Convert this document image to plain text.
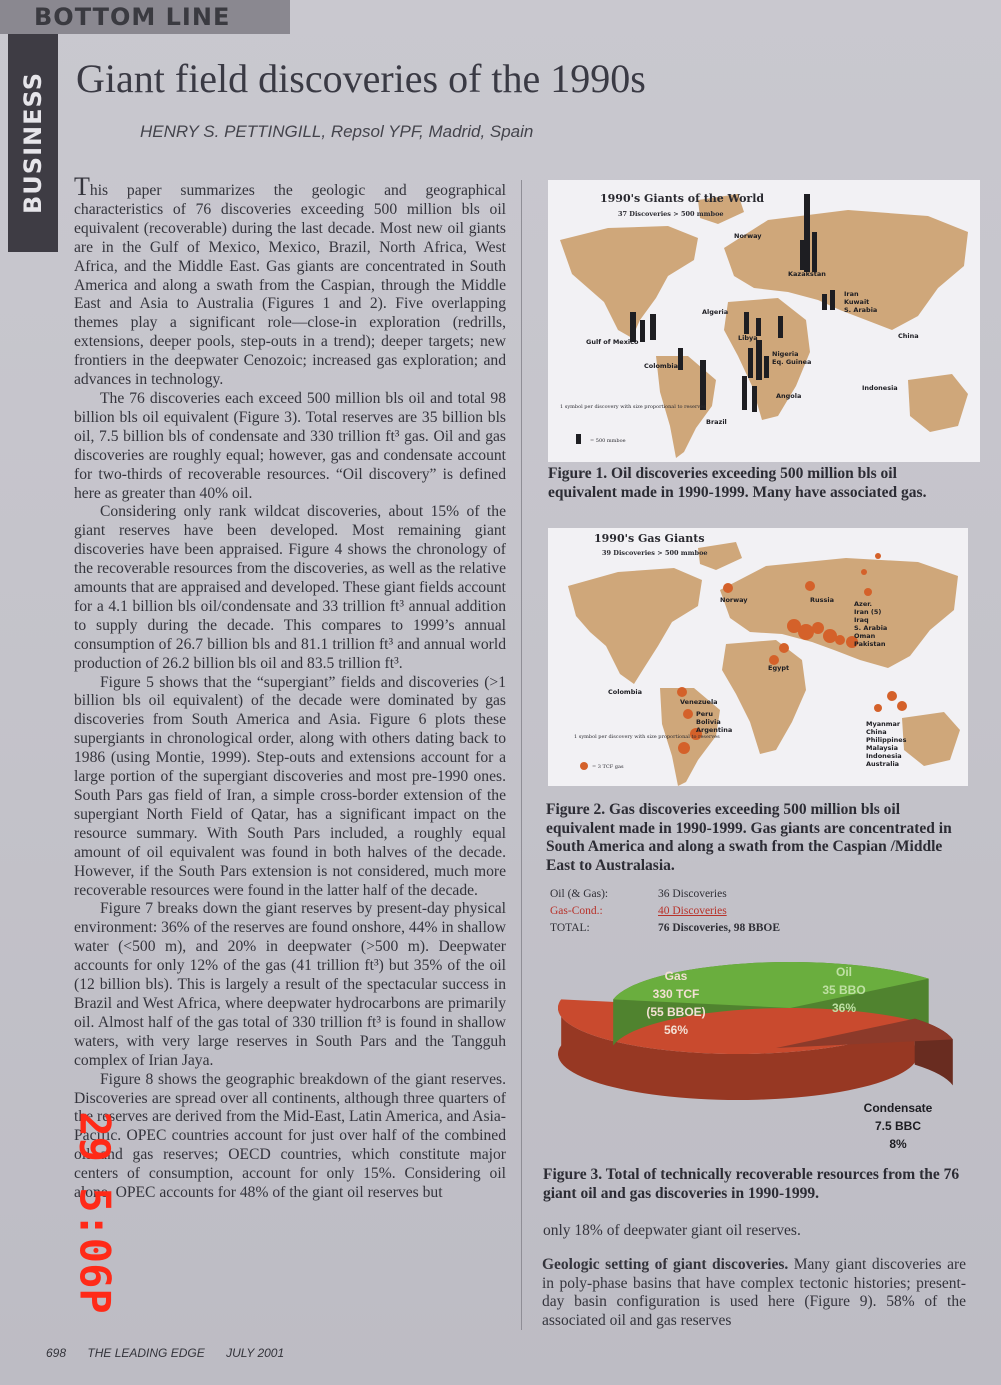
BOTTOM LINE
BUSINESS Giant field discoveries of the 1990s
HENRY S. PETTINGILL, Repsol YPF, Madrid, Spain

This paper summarizes the geologic and geographical characteristics of 76 discoveries exceeding 500 million bls oil equivalent (recoverable) during the last decade. Most new oil giants are in the Gulf of Mexico, Mexico, Brazil, North Africa, West Africa, and the Middle East. Gas giants are concentrated in South America and along a swath from the Caspian, through the Middle East and Asia to Australia (Figures 1 and 2). Five overlapping themes play a significant role—close-in exploration (redrills, extensions, deeper pools, step-outs in a trend); deeper targets; new frontiers in the deepwater Cenozoic; increased gas exploration; and advances in technology.

The 76 discoveries each exceed 500 million bls oil and total 98 billion bls oil equivalent (Figure 3). Total reserves are 35 billion bls oil, 7.5 billion bls of condensate and 330 trillion ft³ gas. Oil and gas discoveries are roughly equal; however, gas and condensate account for two-thirds of recoverable resources. “Oil discovery” is defined here as greater than 40% oil.

Considering only rank wildcat discoveries, about 15% of the giant reserves have been developed. Most remaining giant discoveries have been appraised. Figure 4 shows the chronology of the recoverable resources from the discoveries, as well as the relative amounts that are appraised and developed. These giant fields account for a 4.1 billion bls oil/condensate and 33 trillion ft³ annual addition to supply during the decade. This compares to 1999’s annual consumption of 26.7 billion bls and 81.1 trillion ft³ and annual world production of 26.2 billion bls oil and 83.5 trillion ft³.

Figure 5 shows that the “supergiant” fields and discoveries (>1 billion bls oil equivalent) of the decade were dominated by gas discoveries from South America and Asia. Figure 6 plots these supergiants in chronological order, along with others dating back to 1986 (using Montie, 1999). Step-outs and extensions account for a large portion of the supergiant discoveries and most pre-1990 ones. South Pars gas field of Iran, a simple cross-border extension of the supergiant North Field of Qatar, has a significant impact on the resource summary. With South Pars included, a roughly equal amount of oil equivalent was found in both halves of the decade. However, if the South Pars extension is not considered, much more recoverable resources were found in the latter half of the decade.

Figure 7 breaks down the giant reserves by present-day physical environment: 36% of the reserves are found onshore, 44% in shallow water (<500 m), and 20% in deepwater (>500 m). Deepwater accounts for only 12% of the gas (41 trillion ft³) but 35% of the oil (12 billion bls). This is largely a result of the spectacular success in Brazil and West Africa, where deepwater hydrocarbons are primarily oil. Almost half of the gas total of 330 trillion ft³ is found in shallow waters, with very large reserves in South Pars and the Tangguh complex of Irian Jaya.

Figure 8 shows the geographic breakdown of the giant reserves. Discoveries are spread over all continents, although three quarters of the reserves are derived from the Mid-East, Latin America, and Asia-Pacific. OPEC countries account for just over half of the combined oil and gas reserves; OECD countries, which constitute major centers of consumption, account for only 15%. Considering oil alone, OPEC accounts for 48% of the giant oil reserves but

1990's Giants of the World
37 Discoveries > 500 mmboe
Norway
Kazakstan
Iran
Kuwait
S. Arabia
Algeria
Libya
Gulf of Mexico
Colombia
Nigeria
Eq. Guinea
China
Indonesia
Angola
Brazil
1 symbol per discovery with size proportional to reserves
= 500 mmboe
Figure 1. Oil discoveries exceeding 500 million bls oil equivalent made in 1990-1999. Many have associated gas.
1990's Gas Giants
39 Discoveries > 500 mmboe
Norway	Russia	Azer.
Iran (5)
Iraq
S. Arabia
Oman
Pakistan
Egypt
Colombia
Venezuela
Peru
Bolivia
Argentina
Myanmar
China
Philippines
Malaysia
Indonesia
Australia
1 symbol per discovery with size proportional to reserves
= 3 TCF gas
Figure 2. Gas discoveries exceeding 500 million bls oil equivalent made in 1990-1999. Gas giants are concentrated in South America and along a swath from the Caspian /Middle East to Australasia.
Oil (& Gas):	36 Discoveries
Gas-Cond.:	40 Discoveries
TOTAL:	76 Discoveries, 98 BBOE
Gas
330 TCF
(55 BBOE)
56%
Oil
35 BBO
36%
Condensate
7.5 BBC
8%
Figure 3. Total of technically recoverable resources from the 76 giant oil and gas discoveries in 1990-1999.
only 18% of deepwater giant oil reserves.
Geologic setting of giant discoveries. Many giant discoveries are in poly-phase basins that have complex tectonic histories; present-day basin configuration is used here (Figure 9). 58% of the associated oil and gas reserves
698 THE LEADING EDGE JULY 2001
29 5:06P
